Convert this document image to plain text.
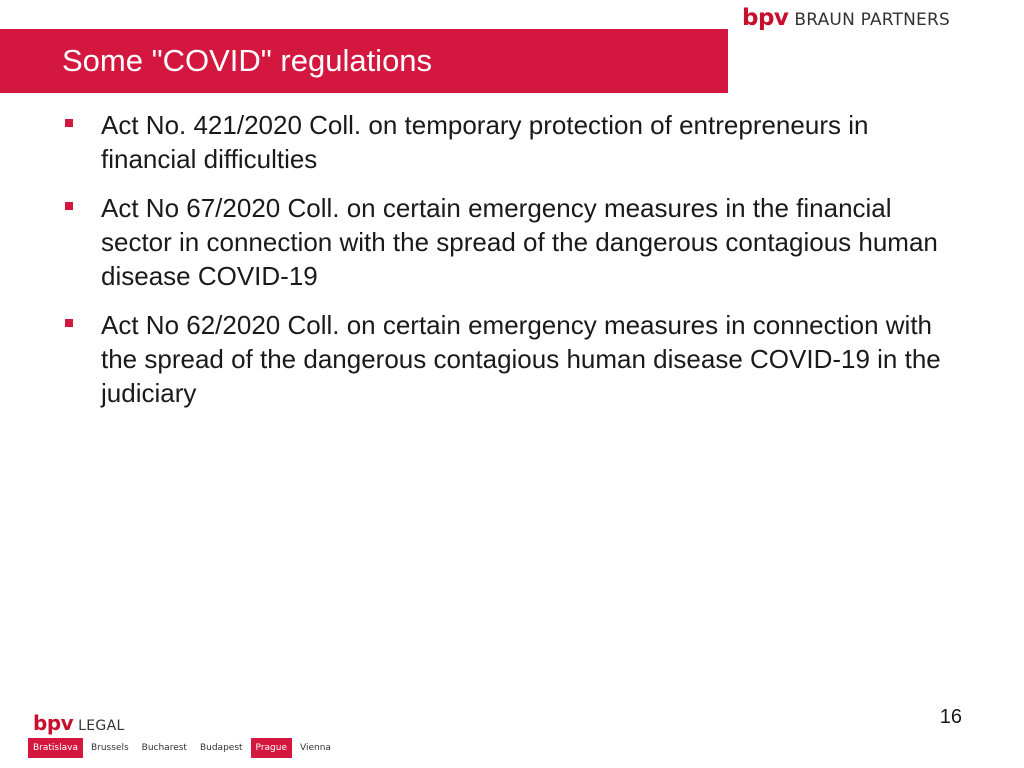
bpv BRAUN PARTNERS
Some "COVID" regulations
Act No. 421/2020 Coll. on temporary protection of entrepreneurs in financial difficulties
Act No 67/2020 Coll. on certain emergency measures in the financial sector in connection with the spread of the dangerous contagious human disease COVID-19
Act No 62/2020 Coll. on certain emergency measures in connection with the spread of the dangerous contagious human disease COVID-19 in the judiciary
16
bpv LEGAL
Bratislava	Brussels	Bucharest	Budapest	Prague	Vienna
